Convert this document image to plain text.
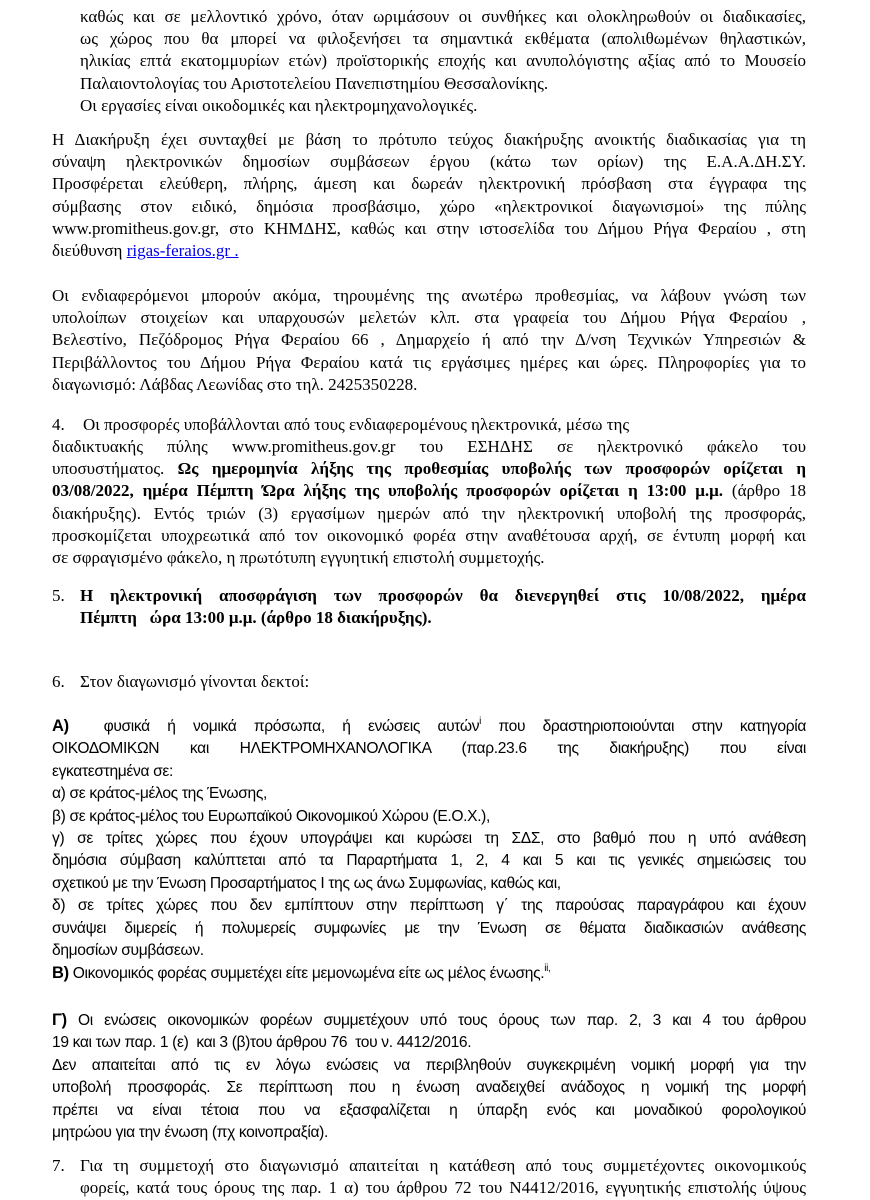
καθώς και σε μελλοντικό χρόνο, όταν ωριμάσουν οι συνθήκες και ολοκληρωθούν οι διαδικασίες,
ως χώρος που θα μπορεί να φιλοξενήσει τα σημαντικά εκθέματα (απολιθωμένων θηλαστικών,
ηλικίας επτά εκατομμυρίων ετών) προϊστορικής εποχής και ανυπολόγιστης αξίας από το Μουσείο
Παλαιοντολογίας του Αριστοτελείου Πανεπιστημίου Θεσσαλονίκης.
Οι εργασίες είναι οικοδομικές και ηλεκτρομηχανολογικές.
Η Διακήρυξη έχει συνταχθεί με βάση το πρότυπο τεύχος διακήρυξης ανοικτής διαδικασίας για τη
σύναψη ηλεκτρονικών δημοσίων συμβάσεων έργου (κάτω των ορίων) της Ε.Α.Α.ΔΗ.ΣΥ.
Προσφέρεται ελεύθερη, πλήρης, άμεση και δωρεάν ηλεκτρονική πρόσβαση στα έγγραφα της
σύμβασης στον ειδικό, δημόσια προσβάσιμο, χώρο «ηλεκτρονικοί διαγωνισμοί» της πύλης
www.promitheus.gov.gr, στο ΚΗΜΔΗΣ, καθώς και στην ιστοσελίδα του Δήμου Ρήγα Φεραίου , στη
διεύθυνση rigas-feraios.gr .
Οι ενδιαφερόμενοι μπορούν ακόμα, τηρουμένης της ανωτέρω προθεσμίας, να λάβουν γνώση των
υπολοίπων στοιχείων και υπαρχουσών μελετών κλπ. στα γραφεία του Δήμου Ρήγα Φεραίου ,
Βελεστίνο, Πεζόδρομος Ρήγα Φεραίου 66 , Δημαρχείο ή από την Δ/νση Τεχνικών Υπηρεσιών &
Περιβάλλοντος του Δήμου Ρήγα Φεραίου κατά τις εργάσιμες ημέρες και ώρες. Πληροφορίες για το
διαγωνισμό: Λάβδας Λεωνίδας στο τηλ. 2425350228.
4. Οι προσφορές υποβάλλονται από τους ενδιαφερομένους ηλεκτρονικά, μέσω της
διαδικτυακής πύλης www.promitheus.gov.gr του ΕΣΗΔΗΣ σε ηλεκτρονικό φάκελο του
υποσυστήματος. Ως ημερομηνία λήξης της προθεσμίας υποβολής των προσφορών ορίζεται η
03/08/2022, ημέρα Πέμπτη Ώρα λήξης της υποβολής προσφορών ορίζεται η 13:00 μ.μ. (άρθρο 18
διακήρυξης). Εντός τριών (3) εργασίμων ημερών από την ηλεκτρονική υποβολή της προσφοράς,
προσκομίζεται υποχρεωτικά από τον οικονομικό φορέα στην αναθέτουσα αρχή, σε έντυπη μορφή και
σε σφραγισμένο φάκελο, η πρωτότυπη εγγυητική επιστολή συμμετοχής.
5. Η ηλεκτρονική αποσφράγιση των προσφορών θα διενεργηθεί στις 10/08/2022, ημέρα
Πέμπτη   ώρα 13:00 μ.μ. (άρθρο 18 διακήρυξης).
6. Στον διαγωνισμό γίνονται δεκτοί:
Α)  φυσικά ή νομικά πρόσωπα, ή ενώσεις αυτών$^i$ που δραστηριοποιούνται στην κατηγορία
ΟΙΚΟΔΟΜΙΚΩΝ και ΗΛΕΚΤΡΟΜΗΧΑΝΟΛΟΓΙΚΑ (παρ.23.6 της διακήρυξης) που είναι
εγκατεστημένα σε:
α) σε κράτος-μέλος της Ένωσης,
β) σε κράτος-μέλος του Ευρωπαϊκού Οικονομικού Χώρου (Ε.Ο.Χ.),
γ) σε τρίτες χώρες που έχουν υπογράψει και κυρώσει τη ΣΔΣ, στο βαθμό που η υπό ανάθεση
δημόσια σύμβαση καλύπτεται από τα Παραρτήματα 1, 2, 4 και 5 και τις γενικές σημειώσεις του
σχετικού με την Ένωση Προσαρτήματος I της ως άνω Συμφωνίας, καθώς και,
δ) σε τρίτες χώρες που δεν εμπίπτουν στην περίπτωση γ΄ της παρούσας παραγράφου και έχουν
συνάψει διμερείς ή πολυμερείς συμφωνίες με την Ένωση σε θέματα διαδικασιών ανάθεσης
δημοσίων συμβάσεων.
Β) Οικονομικός φορέας συμμετέχει είτε μεμονωμένα είτε ως μέλος ένωσης.$^{ii,}$
Γ) Οι ενώσεις οικονομικών φορέων συμμετέχουν υπό τους όρους των παρ. 2, 3 και 4 του άρθρου
19 και των παρ. 1 (ε)  και 3 (β)του άρθρου 76  του ν. 4412/2016.
Δεν απαιτείται από τις εν λόγω ενώσεις να περιβληθούν συγκεκριμένη νομική μορφή για την
υποβολή προσφοράς. Σε περίπτωση που η ένωση αναδειχθεί ανάδοχος η νομική της μορφή
πρέπει να είναι τέτοια που να εξασφαλίζεται η ύπαρξη ενός και μοναδικού φορολογικού
μητρώου για την ένωση (πχ κοινοπραξία).
7. Για τη συμμετοχή στο διαγωνισμό απαιτείται η κατάθεση από τους συμμετέχοντες οικονομικούς
φορείς, κατά τους όρους της παρ. 1 α) του άρθρου 72 του Ν4412/2016, εγγυητικής επιστολής ύψους
